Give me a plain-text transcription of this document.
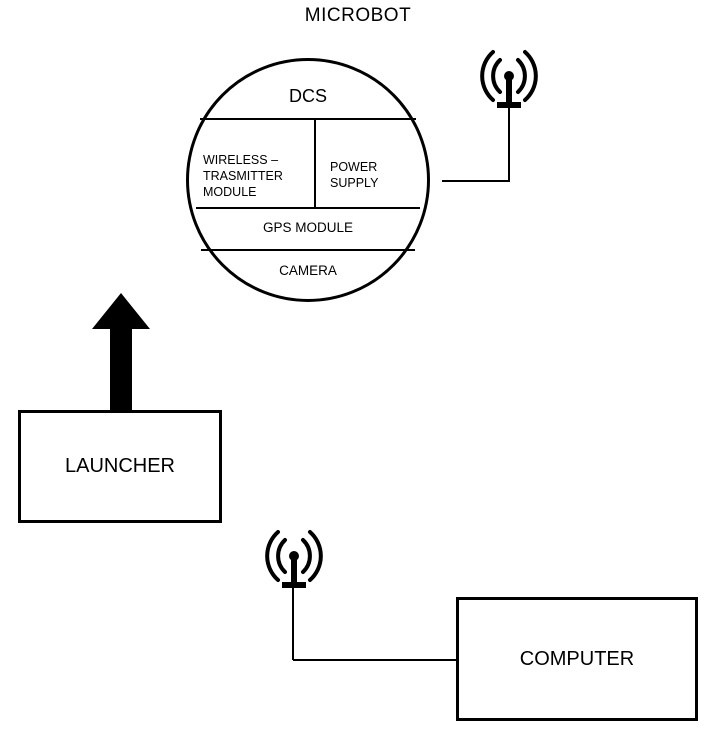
MICROBOT
DCS
WIRELESS – TRASMITTER MODULE
POWER SUPPLY
GPS MODULE
CAMERA
LAUNCHER
COMPUTER
